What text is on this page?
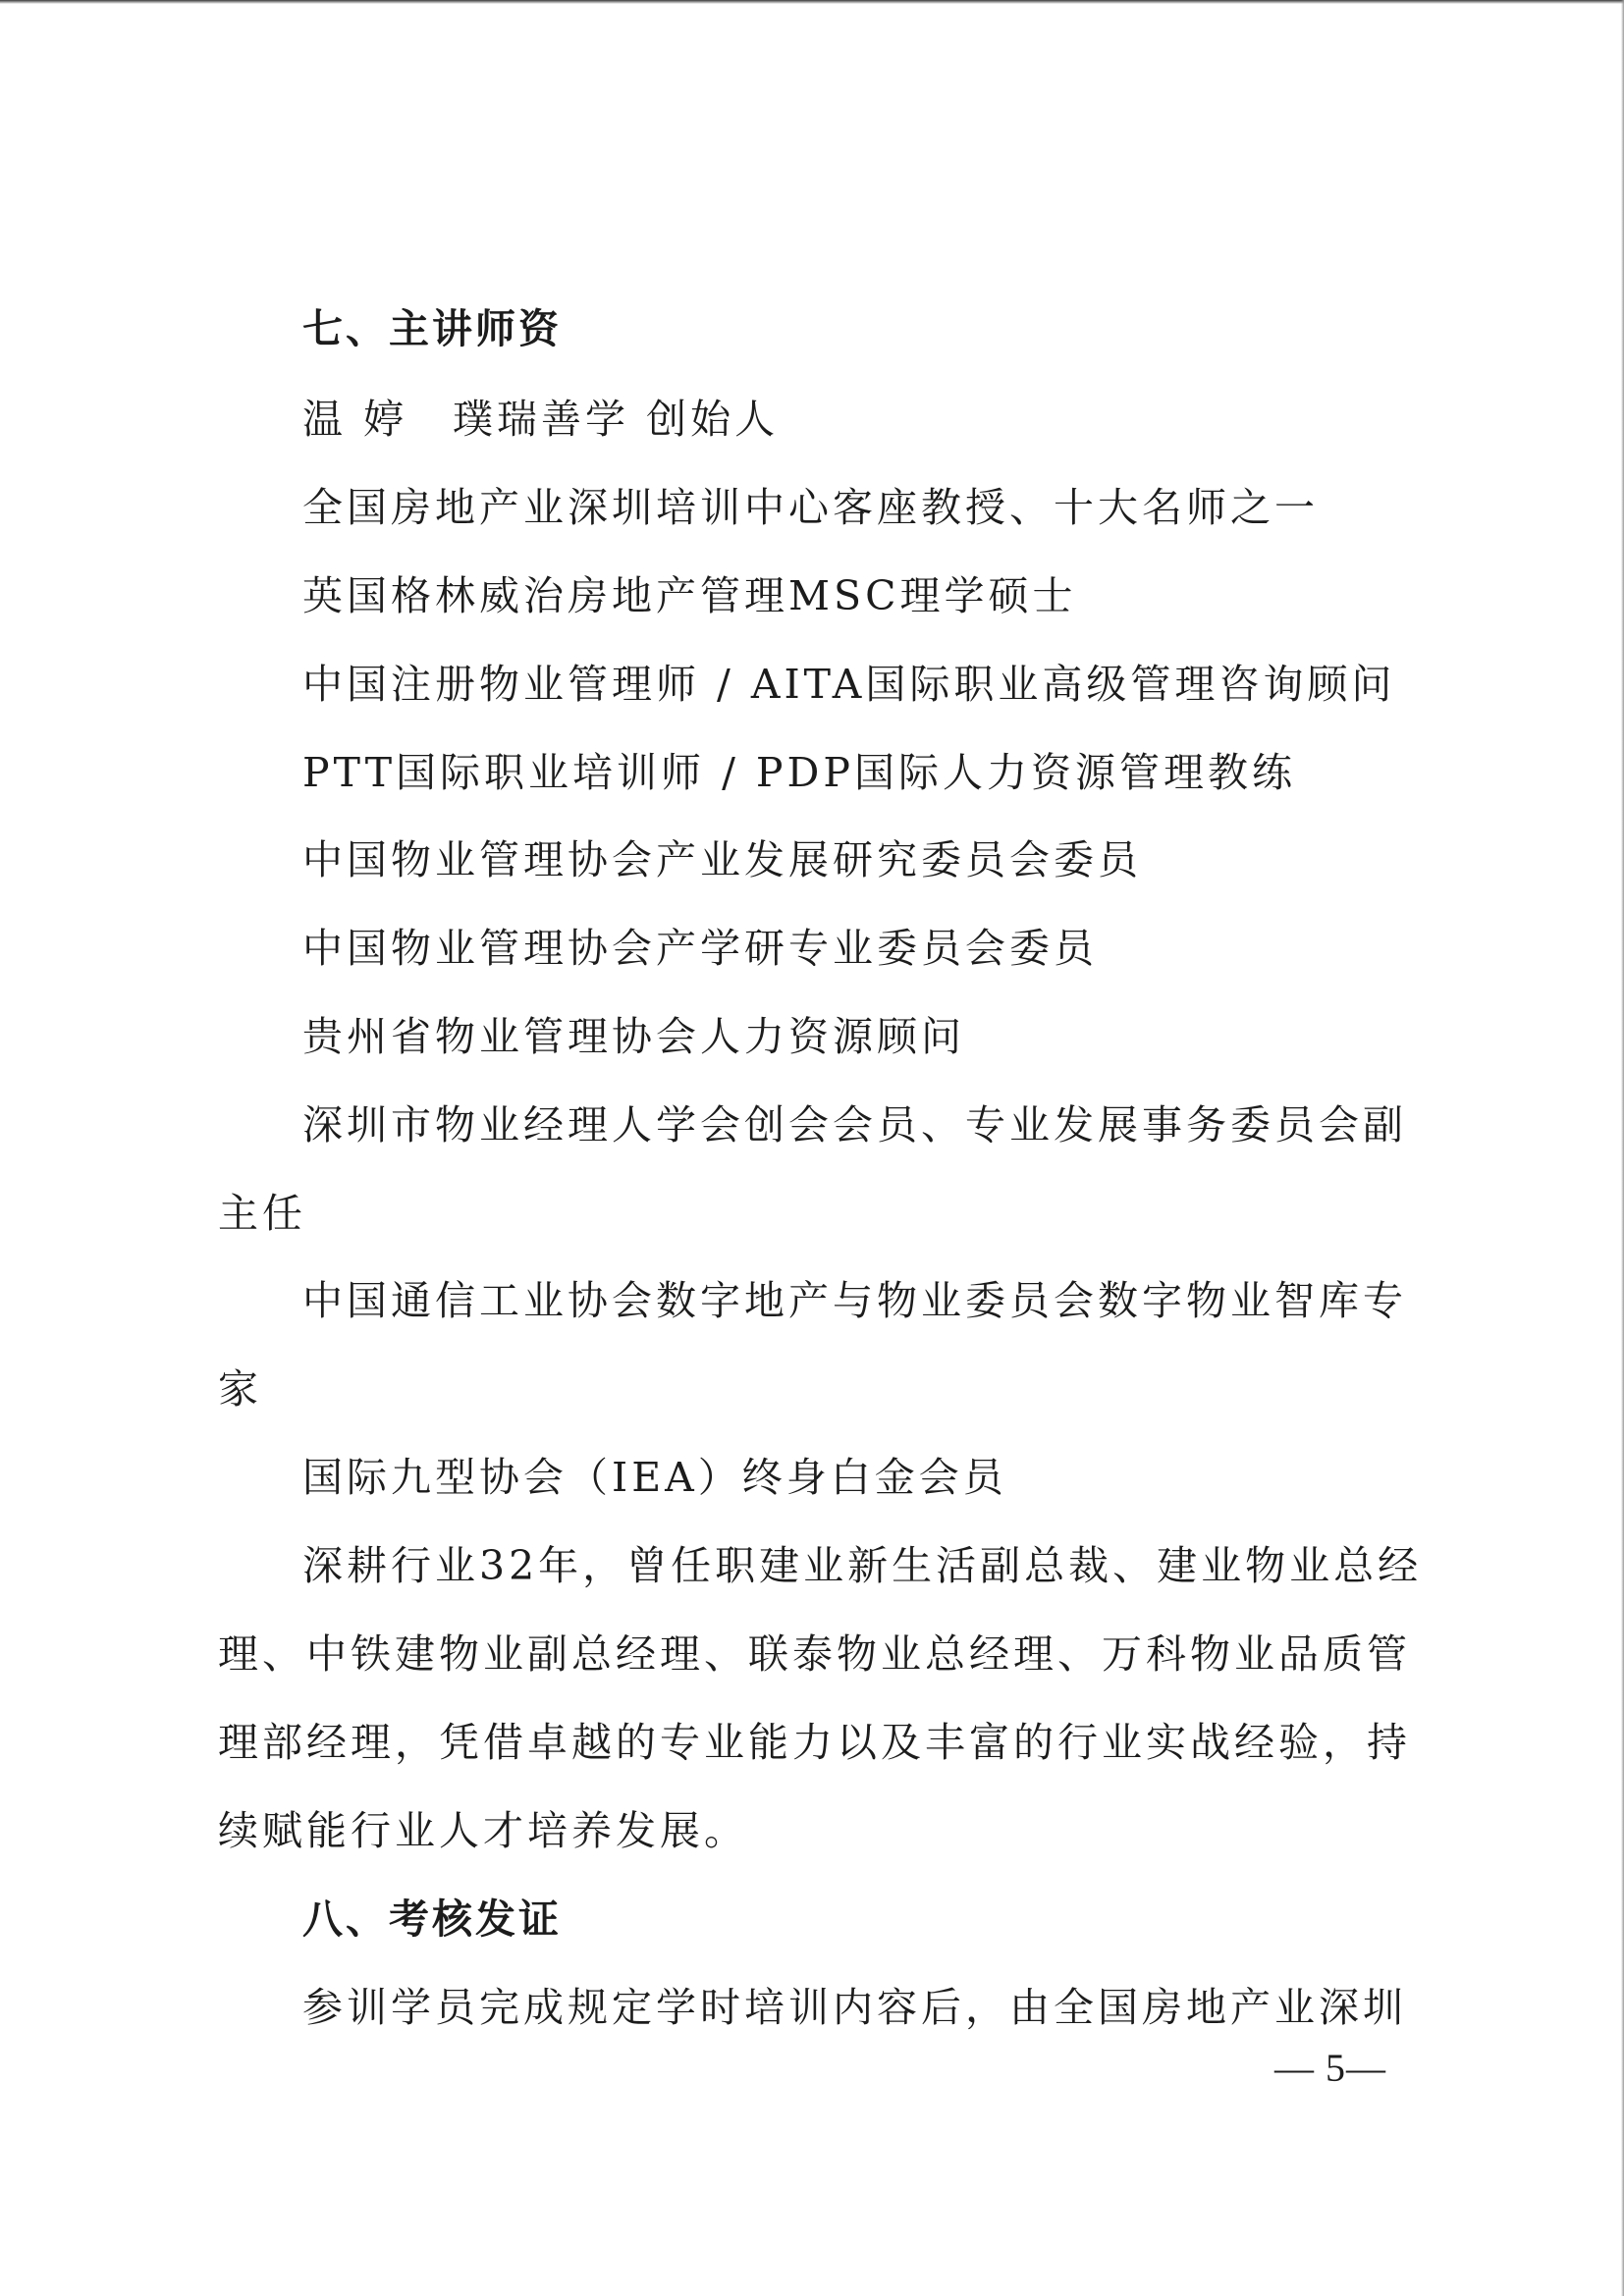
七、主讲师资
温 婷 璞瑞善学 创始人
全国房地产业深圳培训中心客座教授、十大名师之一
英国格林威治房地产管理MSC理学硕士
中国注册物业管理师 / AITA国际职业高级管理咨询顾问
PTT国际职业培训师 / PDP国际人力资源管理教练
中国物业管理协会产业发展研究委员会委员
中国物业管理协会产学研专业委员会委员
贵州省物业管理协会人力资源顾问
深圳市物业经理人学会创会会员、专业发展事务委员会副
主任
中国通信工业协会数字地产与物业委员会数字物业智库专
家
国际九型协会（IEA）终身白金会员
深耕行业32年，曾任职建业新生活副总裁、建业物业总经
理、中铁建物业副总经理、联泰物业总经理、万科物业品质管
理部经理，凭借卓越的专业能力以及丰富的行业实战经验，持
续赋能行业人才培养发展。
八、考核发证
参训学员完成规定学时培训内容后，由全国房地产业深圳
— 5—
